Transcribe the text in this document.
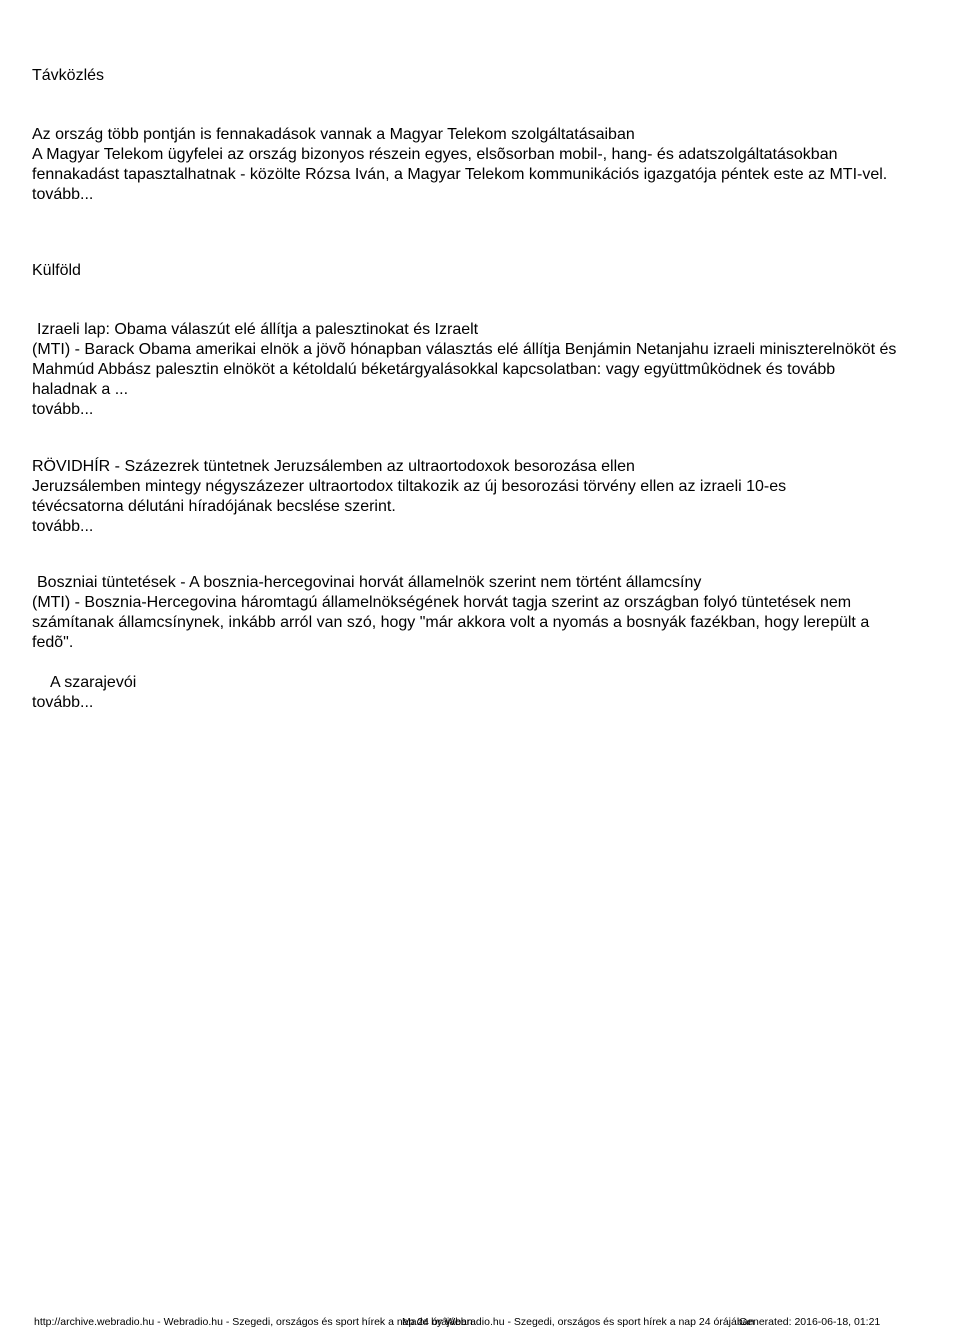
Távközlés
Az ország több pontján is fennakadások vannak a Magyar Telekom szolgáltatásaiban
A Magyar Telekom ügyfelei az ország bizonyos részein egyes, elsõsorban mobil-, hang- és adatszolgáltatásokban
fennakadást tapasztalhatnak - közölte Rózsa Iván, a Magyar Telekom kommunikációs igazgatója péntek este az MTI-vel.
tovább...
Külföld
Izraeli lap: Obama válaszút elé állítja a palesztinokat és Izraelt
(MTI) - Barack Obama amerikai elnök a jövõ hónapban választás elé állítja Benjámin Netanjahu izraeli miniszterelnököt és
Mahmúd Abbász palesztin elnököt a kétoldalú béketárgyalásokkal kapcsolatban: vagy együttmûködnek és tovább
haladnak a ...
tovább...
RÖVIDHÍR - Százezrek tüntetnek Jeruzsálemben az ultraortodoxok besorozása ellen
Jeruzsálemben mintegy négyszázezer ultraortodox tiltakozik az új besorozási törvény ellen az izraeli 10-es
tévécsatorna délutáni híradójának becslése szerint.
tovább...
Boszniai tüntetések - A bosznia-hercegovinai horvát államelnök szerint nem történt államcsíny
(MTI) - Bosznia-Hercegovina háromtagú államelnökségének horvát tagja szerint az országban folyó tüntetések nem
számítanak államcsínynek, inkább arról van szó, hogy "már akkora volt a nyomás a bosnyák fazékban, hogy lerepült a
fedõ".
A szarajevói
tovább...
http://archive.webradio.hu - Webradio.hu - Szegedi, országos és sport hírek a nap 24 órájában
Made by Webradio.hu - Szegedi, országos és sport hírek a nap 24 órájában
Generated: 2016-06-18, 01:21
